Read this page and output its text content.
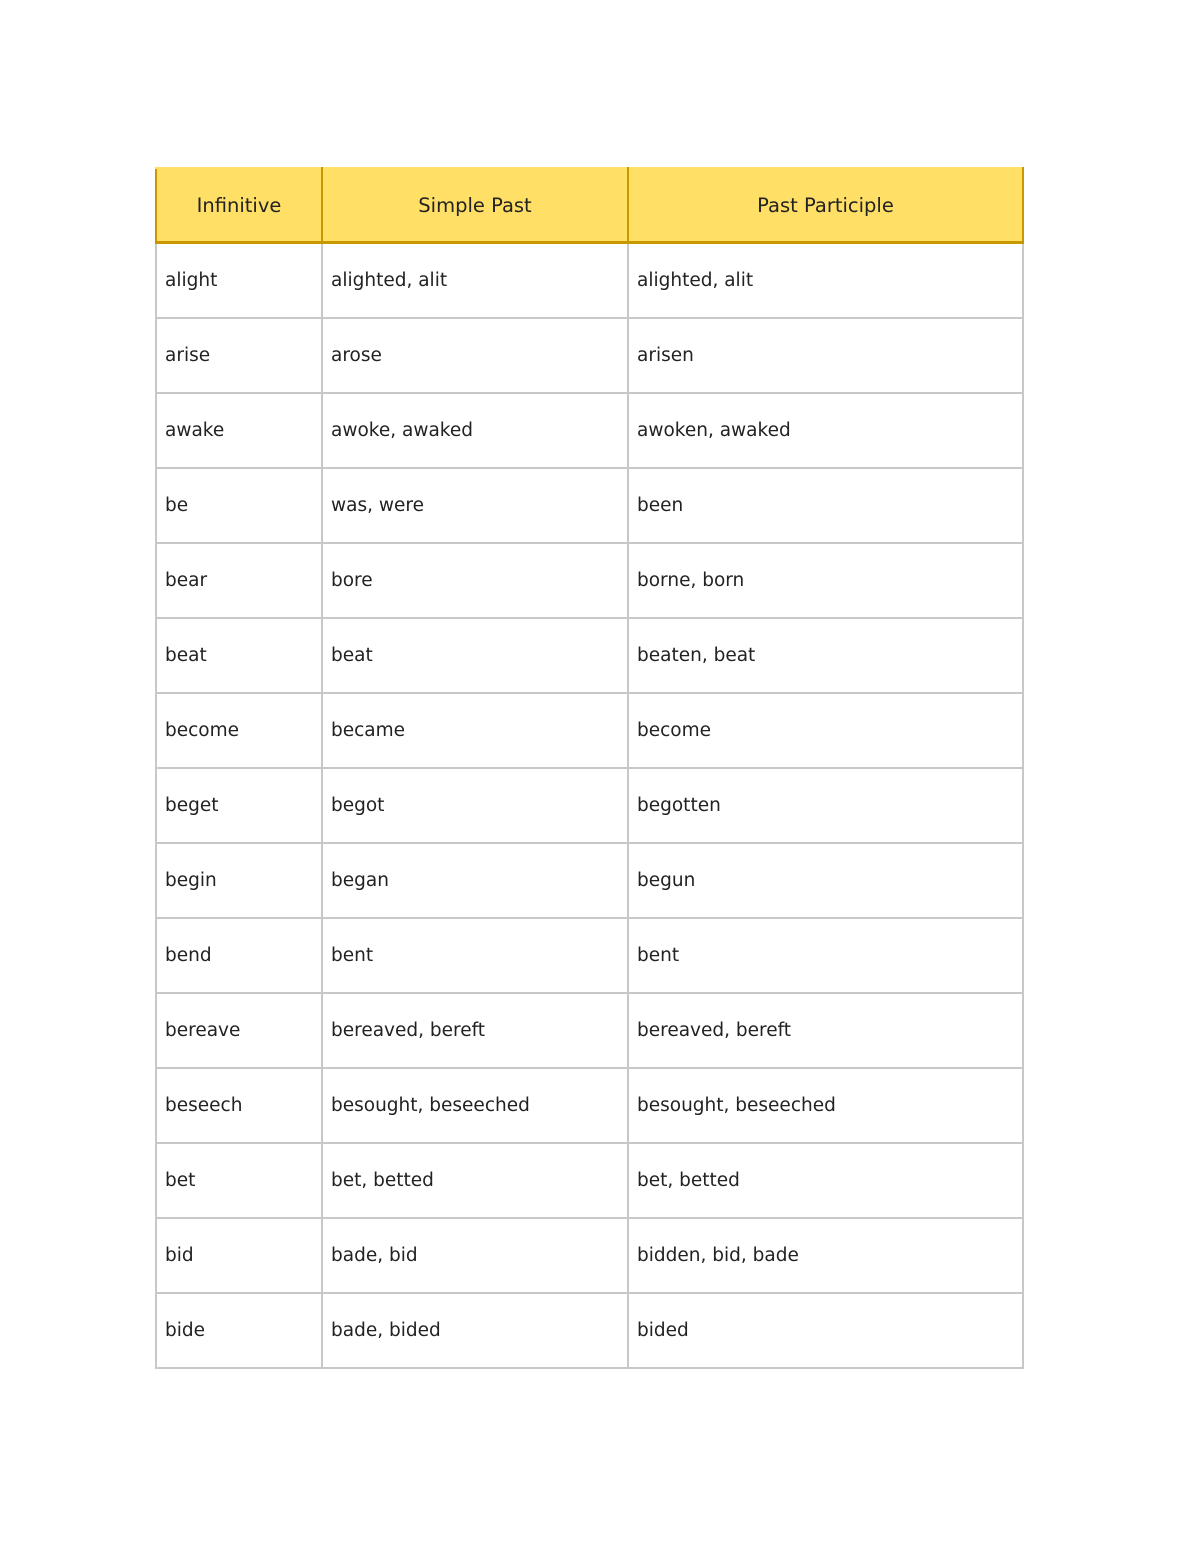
Infinitive	Simple Past	Past Participle
alight	alighted, alit	alighted, alit
arise	arose	arisen
awake	awoke, awaked	awoken, awaked
be	was, were	been
bear	bore	borne, born
beat	beat	beaten, beat
become	became	become
beget	begot	begotten
begin	began	begun
bend	bent	bent
bereave	bereaved, bereft	bereaved, bereft
beseech	besought, beseeched	besought, beseeched
bet	bet, betted	bet, betted
bid	bade, bid	bidden, bid, bade
bide	bade, bided	bided
